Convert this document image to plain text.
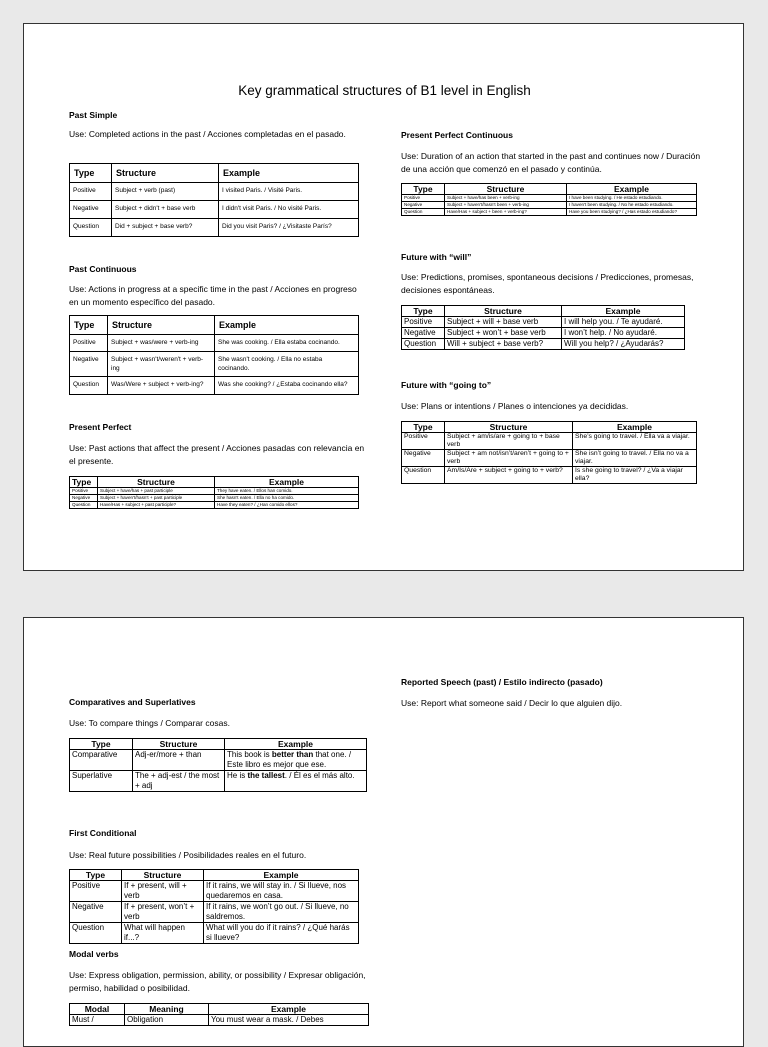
Key grammatical structures of B1 level in English
Past Simple
Use: Completed actions in the past / Acciones completadas en el pasado.
Type	Structure	Example
Positive	Subject + verb (past)	I visited Paris. / Visité Paris.
Negative	Subject + didn't + base verb	I didn't visit Paris. / No visité Paris.
Question	Did + subject + base verb?	Did you visit Paris? / ¿Visitaste París?
Past Continuous
Use: Actions in progress at a specific time in the past / Acciones en progreso en un momento específico del pasado.
Type	Structure	Example
Positive	Subject + was/were + verb-ing	She was cooking. / Ella estaba cocinando.
Negative	Subject + wasn't/weren't + verb-ing	She wasn't cooking. / Ella no estaba cocinando.
Question	Was/Were + subject + verb-ing?	Was she cooking? / ¿Estaba cocinando ella?
Present Perfect
Use: Past actions that affect the present / Acciones pasadas con relevancia en el presente.
Type	Structure	Example
Positive	Subject + have/has + past participle	They have eaten. / Ellos han comido.
Negative	Subject + haven't/hasn't + past participle	She hasn't eaten. / Ella no ha comido.
Question	Have/Has + subject + past participle?	Have they eaten? / ¿Han comido ellos?
Present Perfect Continuous
Use: Duration of an action that started in the past and continues now / Duración de una acción que comenzó en el pasado y continúa.
Type	Structure	Example
Positive	Subject + have/has been + verb-ing	I have been studying. / He estado estudiando.
Negative	Subject + haven't/hasn't been + verb-ing	I haven't been studying. / No he estado estudiando.
Question	Have/Has + subject + been + verb-ing?	Have you been studying? / ¿Has estado estudiando?
Future with “will”
Use: Predictions, promises, spontaneous decisions / Predicciones, promesas, decisiones espontáneas.
Type	Structure	Example
Positive	Subject + will + base verb	I will help you. / Te ayudaré.
Negative	Subject + won’t + base verb	I won’t help. / No ayudaré.
Question	Will + subject + base verb?	Will you help? / ¿Ayudarás?
Future with “going to”
Use: Plans or intentions / Planes o intenciones ya decididas.
Type	Structure	Example
Positive	Subject + am/is/are + going to + base verb	She’s going to travel. / Ella va a viajar.
Negative	Subject + am not/isn’t/aren’t + going to + verb	She isn’t going to travel. / Ella no va a viajar.
Question	Am/Is/Are + subject + going to + verb?	Is she going to travel? / ¿Va a viajar ella?
Reported Speech (past) / Estilo indirecto (pasado)
Use: Report what someone said / Decir lo que alguien dijo.
Comparatives and Superlatives
Use: To compare things / Comparar cosas.
Type	Structure	Example
Comparative	Adj-er/more + than	This book is better than that one. / Este libro es mejor que ese.
Superlative	The + adj-est / the most + adj	He is the tallest. / Él es el más alto.
First Conditional
Use: Real future possibilities / Posibilidades reales en el futuro.
Type	Structure	Example
Positive	If + present, will + verb	If it rains, we will stay in. / Si llueve, nos quedaremos en casa.
Negative	If + present, won’t + verb	If it rains, we won’t go out. / Si llueve, no saldremos.
Question	What will happen if...?	What will you do if it rains? / ¿Qué harás si llueve?
Modal verbs
Use: Express obligation, permission, ability, or possibility / Expresar obligación, permiso, habilidad o posibilidad.
Modal	Meaning	Example
Must /	Obligation	You must wear a mask. / Debes
